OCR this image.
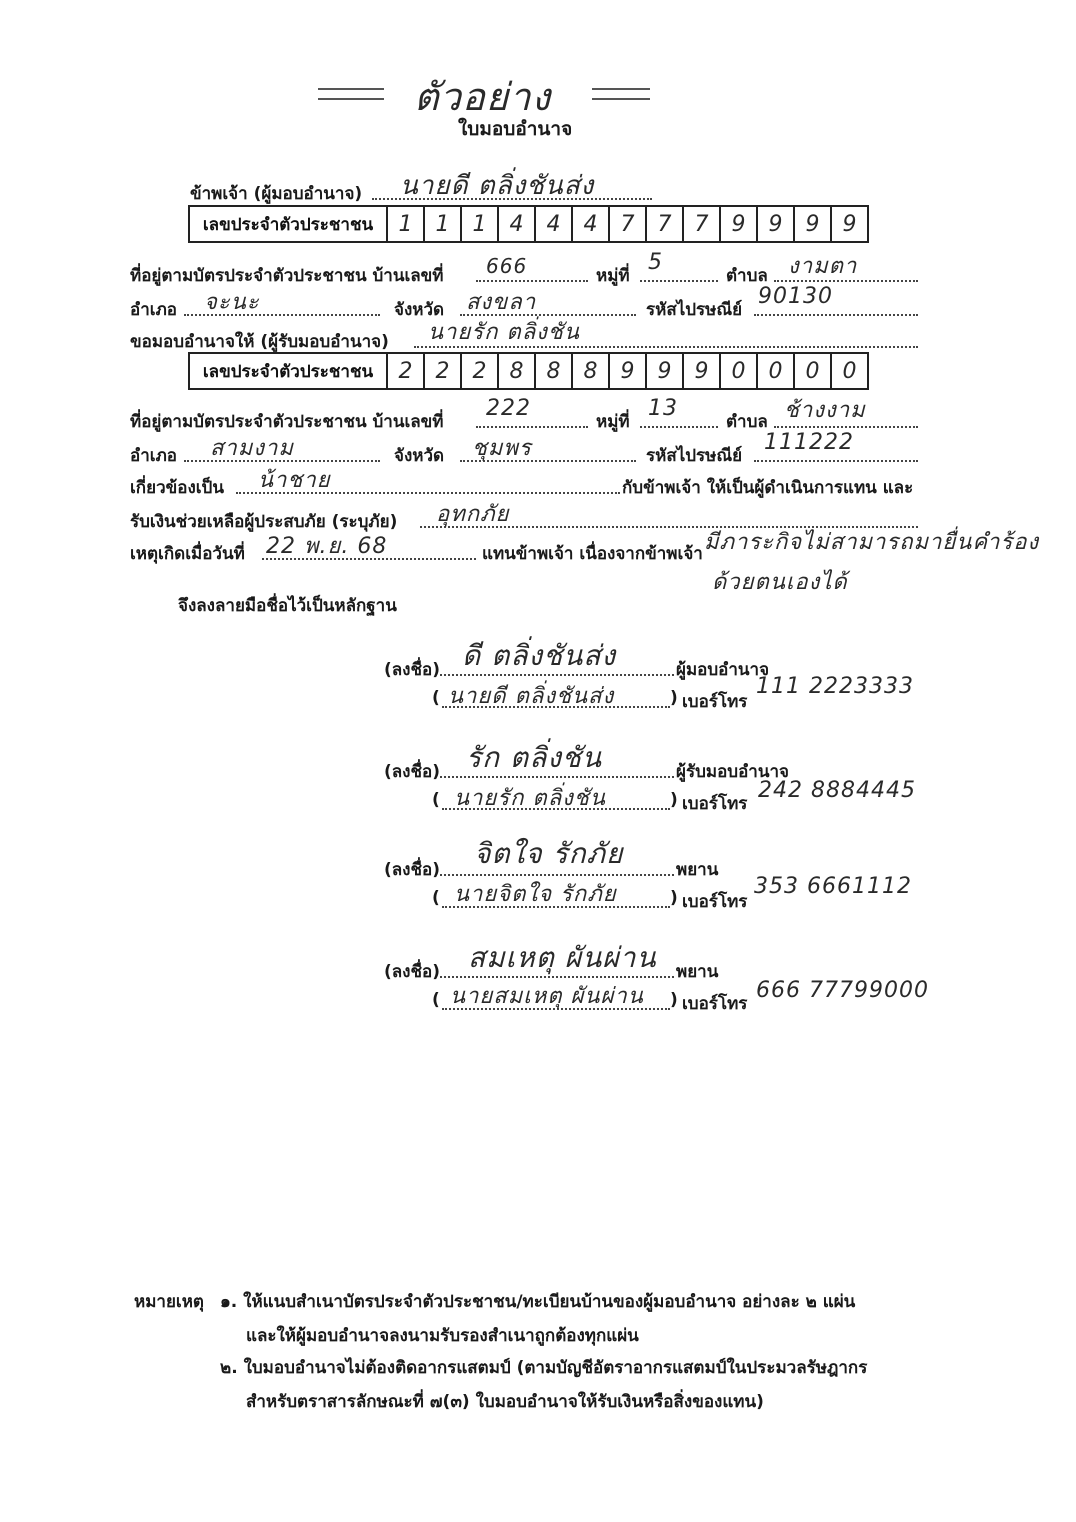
ตัวอย่าง
ใบมอบอำนาจ
ข้าพเจ้า (ผู้มอบอำนาจ) นายดี ตลิ่งชันส่ง
เลขประจำตัวประชาชน	1	1	1	4	4	4	7	7	7	9	9	9	9
ที่อยู่ตามบัตรประจำตัวประชาชน บ้านเลขที่ 666	หมู่ที่
5
ตำบล งามตา
อำเภอ จะนะ	จังหวัด สงขลา	รหัสไปรษณีย์
90130
ขอมอบอำนาจให้ (ผู้รับมอบอำนาจ) นายรัก ตลิ่งชัน
เลขประจำตัวประชาชน	2	2	2	8	8	8	9	9	9	0	0	0	0
ที่อยู่ตามบัตรประจำตัวประชาชน บ้านเลขที่
222
หมู่ที่
13
ตำบล ช้างงาม
อำเภอ สามงาม	จังหวัด ชุมพร	รหัสไปรษณีย์
111222
เกี่ยวข้องเป็น น้าชาย	กับข้าพเจ้า ให้เป็นผู้ดำเนินการแทน และ
รับเงินช่วยเหลือผู้ประสบภัย (ระบุภัย) อุทกภัย
เหตุเกิดเมื่อวันที่ 22 พ.ย. 68	แทนข้าพเจ้า เนื่องจากข้าพเจ้า มีภาระกิจไม่สามารถมายื่นคำร้อง
ด้วยตนเองได้
จึงลงลายมือชื่อไว้เป็นหลักฐาน
(ลงชื่อ) ดี ตลิ่งชันส่ง	ผู้มอบอำนาจ
( นายดี ตลิ่งชันส่ง	) เบอร์โทร
111 2223333
(ลงชื่อ) รัก ตลิ่งชัน	ผู้รับมอบอำนาจ
( นายรัก ตลิ่งชัน	) เบอร์โทร
242 8884445
(ลงชื่อ) จิตใจ รักภัย	พยาน
( นายจิตใจ รักภัย	) เบอร์โทร
353 6661112
(ลงชื่อ) สมเหตุ ผันผ่าน พยาน
( นายสมเหตุ ผันผ่าน ) เบอร์โทร
666 77799000
หมายเหตุ ๑. ให้แนบสำเนาบัตรประจำตัวประชาชน/ทะเบียนบ้านของผู้มอบอำนาจ อย่างละ ๒ แผ่น
และให้ผู้มอบอำนาจลงนามรับรองสำเนาถูกต้องทุกแผ่น
๒. ใบมอบอำนาจไม่ต้องติดอากรแสตมป์ (ตามบัญชีอัตราอากรแสตมป์ในประมวลรัษฎากร
สำหรับตราสารลักษณะที่ ๗(๓) ใบมอบอำนาจให้รับเงินหรือสิ่งของแทน)
